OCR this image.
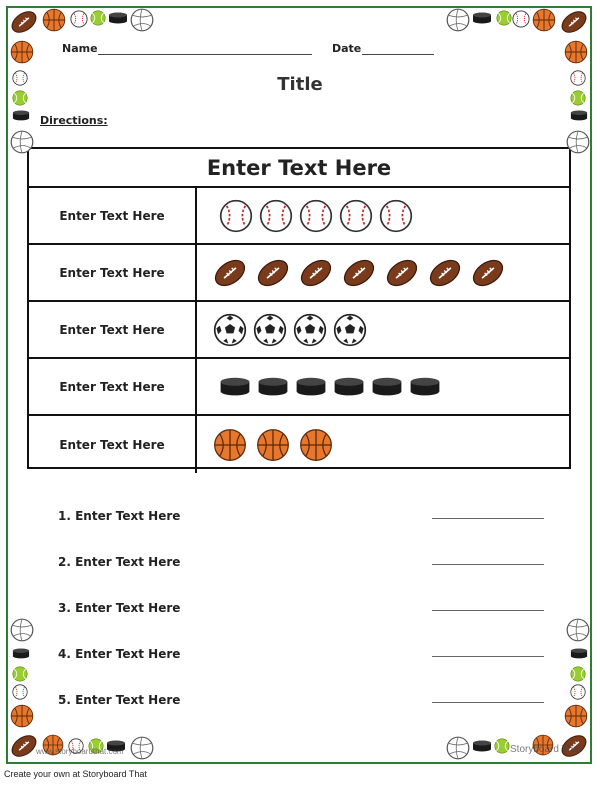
Name	Date
Title
Directions:
Enter Text Here
Enter Text Here
Enter Text Here
Enter Text Here
Enter Text Here
Enter Text Here
1. Enter Text Here
2. Enter Text Here
3. Enter Text Here
4. Enter Text Here
5. Enter Text Here
www.storyboardthat.com	Storyboard That
Create your own at Storyboard That
